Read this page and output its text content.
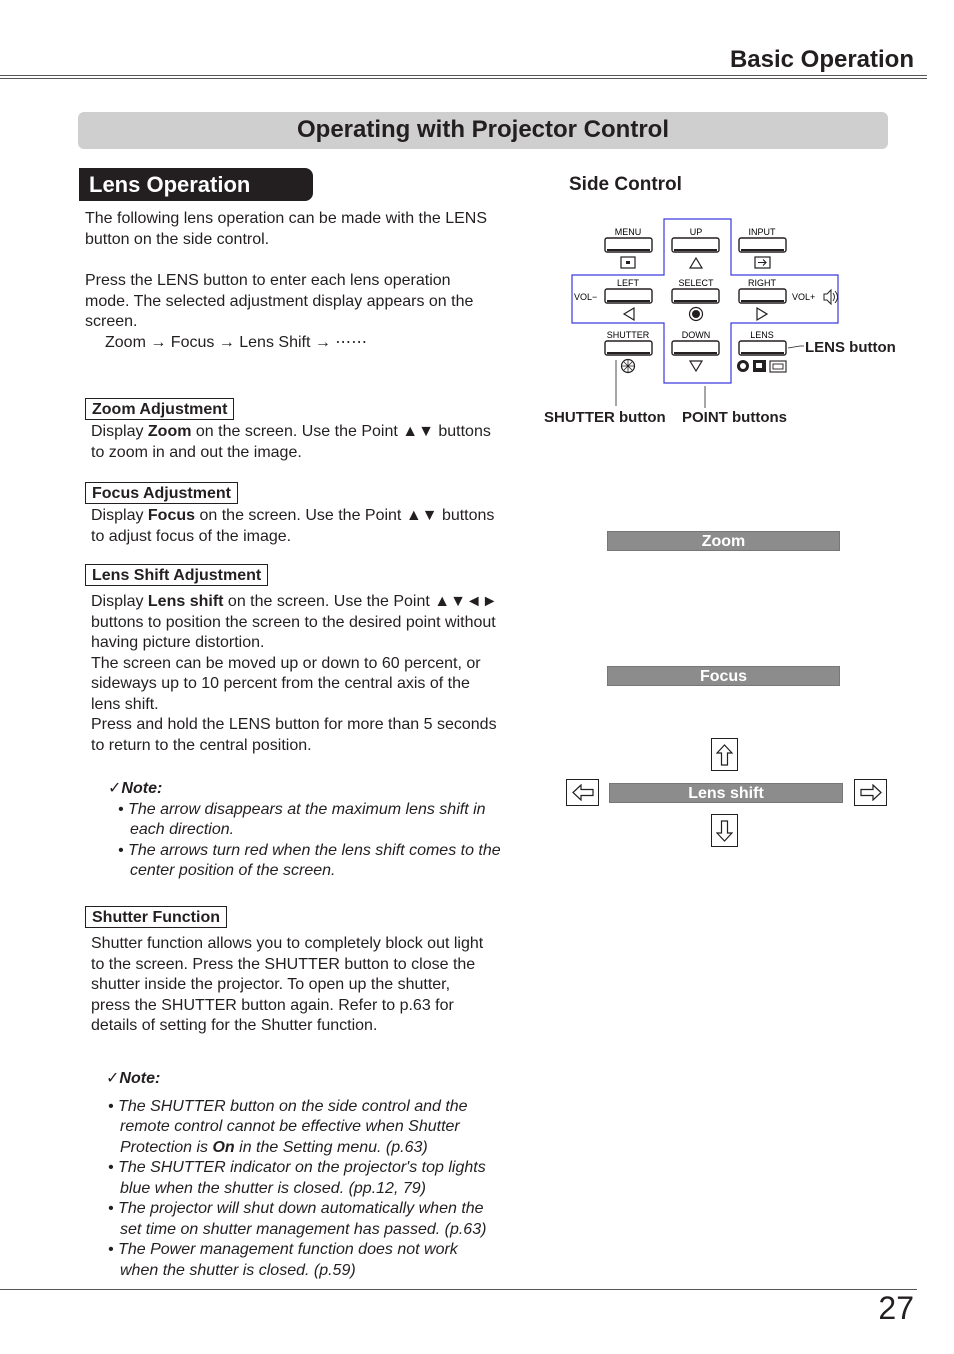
Basic Operation
Operating with Projector Control
Lens Operation
The following lens operation can be made with the LENS
button on the side control.
Press the LENS button to enter each lens operation
mode. The selected adjustment display appears on the
screen.
Zoom → Focus → Lens Shift → ⋯⋯
Zoom Adjustment
Display Zoom on the screen. Use the Point ▲▼ buttons
to zoom in and out the image.
Focus Adjustment
Display Focus on the screen. Use the Point ▲▼ buttons
to adjust focus of the image.
Lens Shift Adjustment
Display Lens shift on the screen. Use the Point ▲▼◄►
buttons to position the screen to the desired point without
having picture distortion.
The screen can be moved up or down to 60 percent, or
sideways up to 10 percent from the central axis of the
lens shift.
Press and hold the LENS button for more than 5 seconds
to return to the central position.
✓Note:
• The arrow disappears at the maximum lens shift in
each direction.
• The arrows turn red when the lens shift comes to the
center position of the screen.
Shutter Function
Shutter function allows you to completely block out light
to the screen. Press the SHUTTER button to close the
shutter inside the projector. To open up the shutter,
press the SHUTTER button again. Refer to p.63 for
details of setting for the Shutter function.
✓Note:
• The SHUTTER button on the side control and the
remote control cannot be effective when Shutter
Protection is On in the Setting menu. (p.63)
• The SHUTTER indicator on the projector's top lights
blue when the shutter is closed. (pp.12, 79)
• The projector will shut down automatically when the
set time on shutter management has passed. (p.63)
• The Power management function does not work
when the shutter is closed. (p.59)
Side Control
MENU	UP	INPUT
LEFT
VOL−
SELECT	RIGHT
VOL+
SHUTTER	DOWN	LENS
LENS button
SHUTTER button POINT buttons
Zoom
Focus
Lens shift
27
